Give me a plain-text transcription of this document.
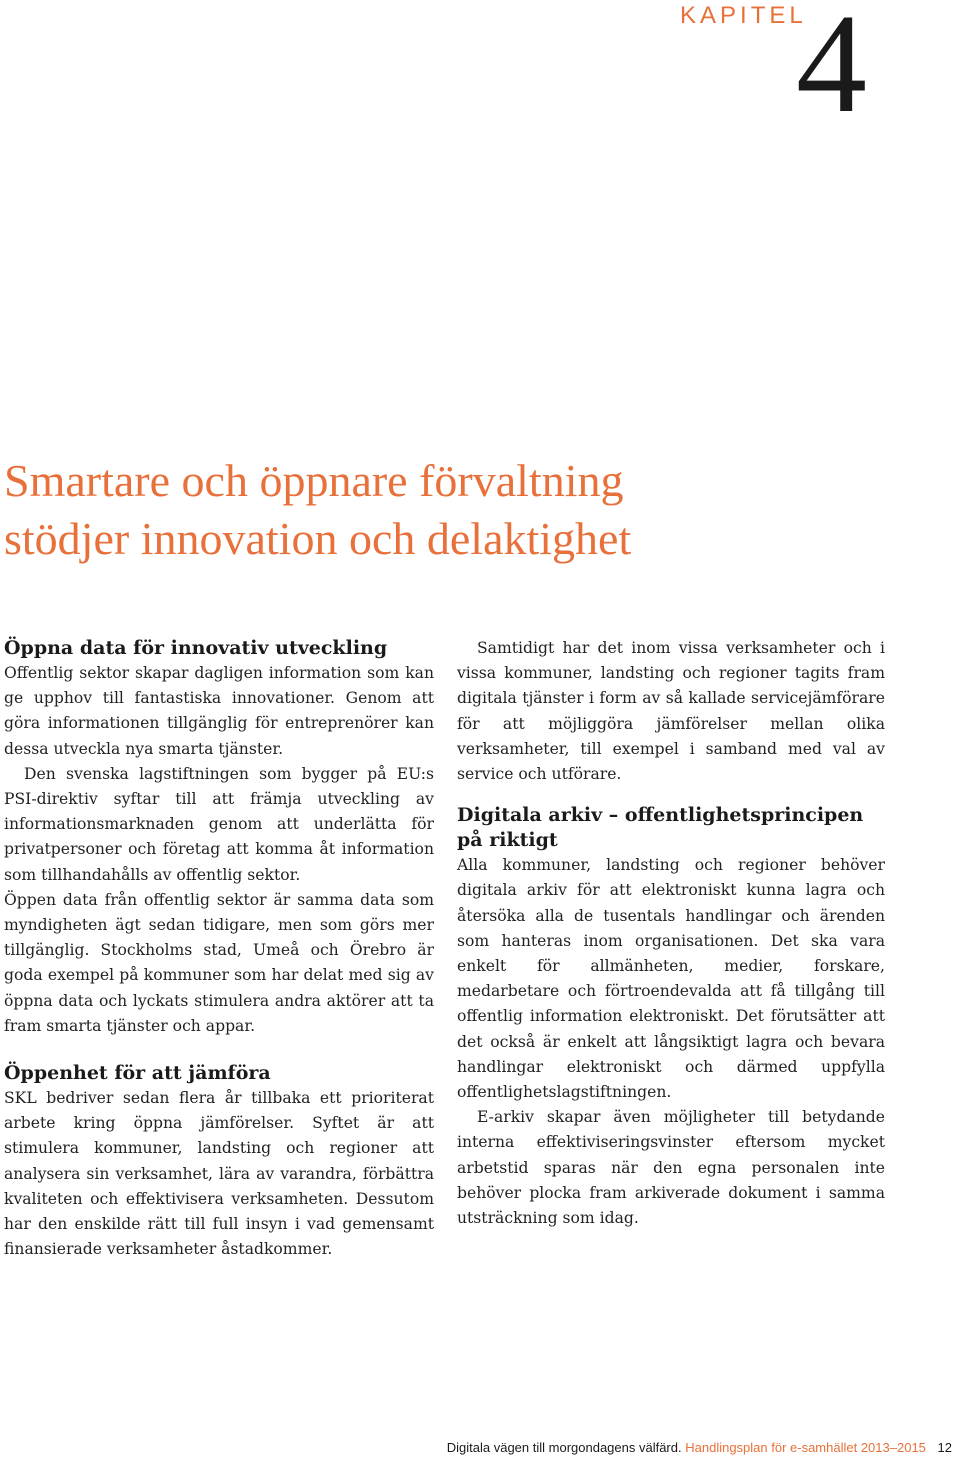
KAPITEL
4
Smartare och öppnare förvaltning
stödjer innovation och delaktighet
Öppna data för innovativ utveckling

Offentlig sektor skapar dagligen information som kan ge upphov till fantastiska innovationer. Genom att göra informationen tillgänglig för entreprenörer kan dessa utveckla nya smarta tjänster.

Den svenska lagstiftningen som bygger på EU:s PSI-direktiv syftar till att främja utveckling av informationsmarknaden genom att underlätta för privatpersoner och företag att komma åt information som tillhandahålls av offentlig sektor.

Öppen data från offentlig sektor är samma data som myndigheten ägt sedan tidigare, men som görs mer tillgänglig. Stockholms stad, Umeå och Örebro är goda exempel på kommuner som har delat med sig av öppna data och lyckats stimulera andra aktörer att ta fram smarta tjänster och appar.

Öppenhet för att jämföra

SKL bedriver sedan flera år tillbaka ett prioriterat arbete kring öppna jämförelser. Syftet är att stimulera kommuner, landsting och regioner att analysera sin verksamhet, lära av varandra, förbättra kvaliteten och effektivisera verksamheten. Dessutom har den enskilde rätt till full insyn i vad gemensamt finansierade verksamheter åstadkommer.

Samtidigt har det inom vissa verksamheter och i vissa kommuner, landsting och regioner tagits fram digitala tjänster i form av så kallade servicejämförare för att möjliggöra jämförelser mellan olika verksamheter, till exempel i samband med val av service och utförare.

Digitala arkiv – offentlighetsprincipen på riktigt

Alla kommuner, landsting och regioner behöver digitala arkiv för att elektroniskt kunna lagra och återsöka alla de tusentals handlingar och ärenden som hanteras inom organisationen. Det ska vara enkelt för allmänheten, medier, forskare, medarbetare och förtroendevalda att få tillgång till offentlig information elektroniskt. Det förutsätter att det också är enkelt att långsiktigt lagra och bevara handlingar elektroniskt och därmed uppfylla offentlighetslagstiftningen.

E-arkiv skapar även möjligheter till betydande interna effektiviseringsvinster eftersom mycket arbetstid sparas när den egna personalen inte behöver plocka fram arkiverade dokument i samma utsträckning som idag.

Digitala vägen till morgondagens välfärd. Handlingsplan för e-samhället 2013–2015 12
